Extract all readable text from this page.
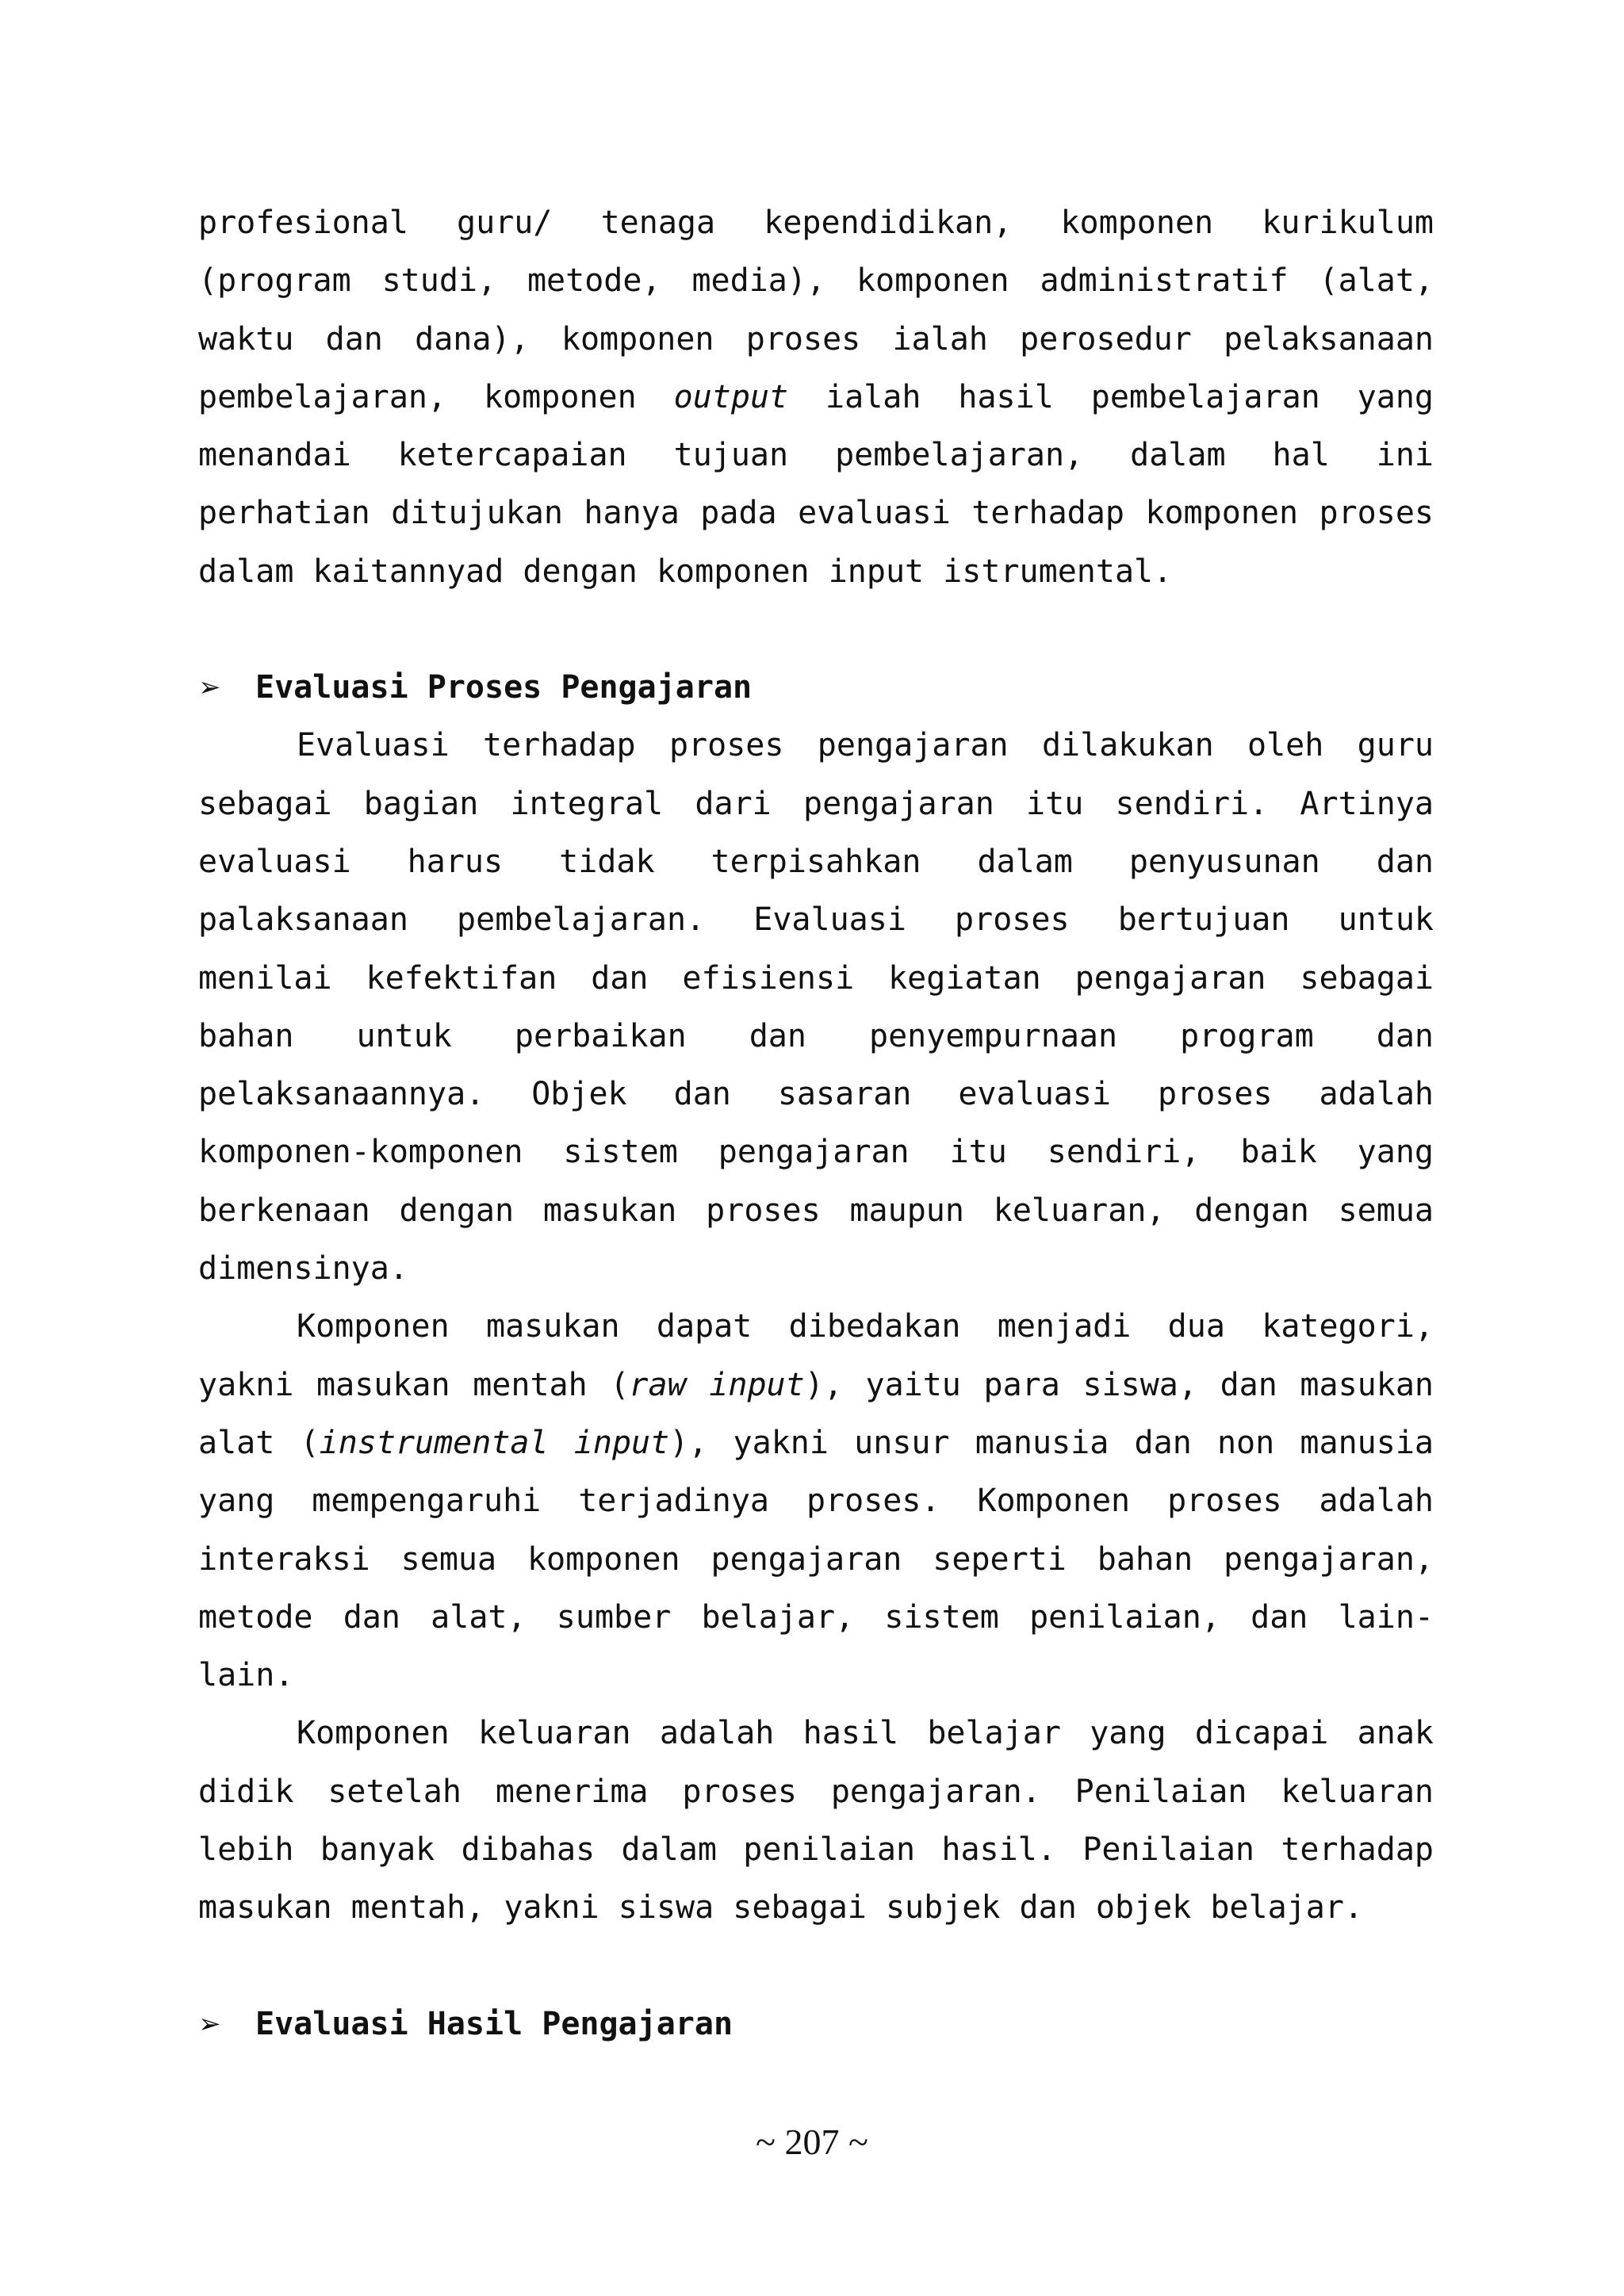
profesional guru/ tenaga kependidikan, komponen kurikulum (program studi, metode, media), komponen administratif (alat, waktu dan dana), komponen proses ialah perosedur pelaksanaan pembelajaran, komponen output ialah hasil pembelajaran yang menandai ketercapaian tujuan pembelajaran, dalam hal ini perhatian ditujukan hanya pada evaluasi terhadap komponen proses dalam kaitannyad dengan komponen input istrumental.

➢	Evaluasi Proses Pengajaran

Evaluasi terhadap proses pengajaran dilakukan oleh guru sebagai bagian integral dari pengajaran itu sendiri. Artinya evaluasi harus tidak terpisahkan dalam penyusunan dan palaksanaan pembelajaran. Evaluasi proses bertujuan untuk menilai kefektifan dan efisiensi kegiatan pengajaran sebagai bahan untuk perbaikan dan penyempurnaan program dan pelaksanaannya. Objek dan sasaran evaluasi proses adalah komponen-komponen sistem pengajaran itu sendiri, baik yang berkenaan dengan masukan proses maupun keluaran, dengan semua dimensinya.

Komponen masukan dapat dibedakan menjadi dua kategori, yakni masukan mentah (raw input), yaitu para siswa, dan masukan alat (instrumental input), yakni unsur manusia dan non manusia yang mempengaruhi terjadinya proses. Komponen proses adalah interaksi semua komponen pengajaran seperti bahan pengajaran, metode dan alat, sumber belajar, sistem penilaian, dan lain-lain.

Komponen keluaran adalah hasil belajar yang dicapai anak didik setelah menerima proses pengajaran. Penilaian keluaran lebih banyak dibahas dalam penilaian hasil. Penilaian terhadap masukan mentah, yakni siswa sebagai subjek dan objek belajar.

➢	Evaluasi Hasil Pengajaran
~ 207 ~
